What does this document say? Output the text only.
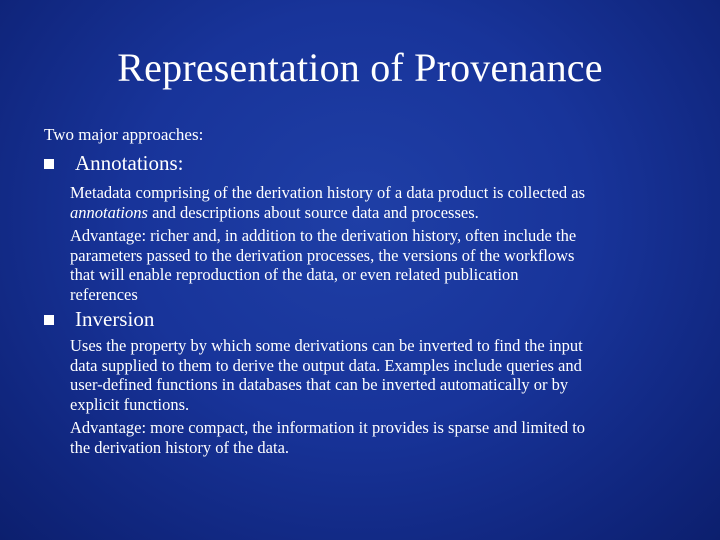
Representation of Provenance
Two major approaches:
Annotations:
Metadata comprising of the derivation history of a data product is collected as
annotations and descriptions about source data and processes.
Advantage: richer and, in addition to the derivation history, often include the
parameters passed to the derivation processes, the versions of the workflows
that will enable reproduction of the data, or even related publication
references
Inversion
Uses the property by which some derivations can be inverted to find the input
data supplied to them to derive the output data. Examples include queries and
user-defined functions in databases that can be inverted automatically or by
explicit functions.
Advantage: more compact, the information it provides is sparse and limited to
the derivation history of the data.
